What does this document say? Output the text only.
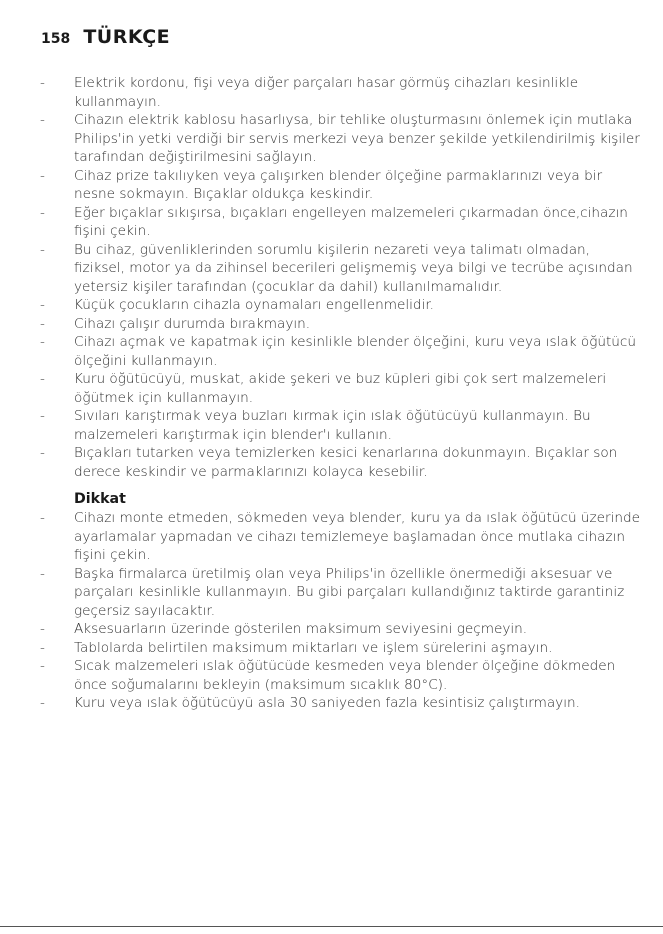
158 TÜRKÇE
- Elektrik kordonu, fişi veya diğer parçaları hasar görmüş cihazları kesinlikle kullanmayın.
- Cihazın elektrik kablosu hasarlıysa, bir tehlike oluşturmasını önlemek için mutlaka Philips'in yetki verdiği bir servis merkezi veya benzer şekilde yetkilendirilmiş kişiler tarafından değiştirilmesini sağlayın.
- Cihaz prize takılıyken veya çalışırken blender ölçeğine parmaklarınızı veya bir nesne sokmayın. Bıçaklar oldukça keskindir.
- Eğer bıçaklar sıkışırsa, bıçakları engelleyen malzemeleri çıkarmadan önce,cihazın fişini çekin.
- Bu cihaz, güvenliklerinden sorumlu kişilerin nezareti veya talimatı olmadan, fiziksel, motor ya da zihinsel becerileri gelişmemiş veya bilgi ve tecrübe açısından yetersiz kişiler tarafından (çocuklar da dahil) kullanılmamalıdır.
- Küçük çocukların cihazla oynamaları engellenmelidir.
- Cihazı çalışır durumda bırakmayın.
- Cihazı açmak ve kapatmak için kesinlikle blender ölçeğini, kuru veya ıslak öğütücü ölçeğini kullanmayın.
- Kuru öğütücüyü, muskat, akide şekeri ve buz küpleri gibi çok sert malzemeleri öğütmek için kullanmayın.
- Sıvıları karıştırmak veya buzları kırmak için ıslak öğütücüyü kullanmayın. Bu malzemeleri karıştırmak için blender'ı kullanın.
- Bıçakları tutarken veya temizlerken kesici kenarlarına dokunmayın. Bıçaklar son derece keskindir ve parmaklarınızı kolayca kesebilir.
Dikkat
- Cihazı monte etmeden, sökmeden veya blender, kuru ya da ıslak öğütücü üzerinde ayarlamalar yapmadan ve cihazı temizlemeye başlamadan önce mutlaka cihazın fişini çekin.
- Başka firmalarca üretilmiş olan veya Philips'in özellikle önermediği aksesuar ve parçaları kesinlikle kullanmayın. Bu gibi parçaları kullandığınız taktirde garantiniz geçersiz sayılacaktır.
- Aksesuarların üzerinde gösterilen maksimum seviyesini geçmeyin.
- Tablolarda belirtilen maksimum miktarları ve işlem sürelerini aşmayın.
- Sıcak malzemeleri ıslak öğütücüde kesmeden veya blender ölçeğine dökmeden önce soğumalarını bekleyin (maksimum sıcaklık 80°C).
- Kuru veya ıslak öğütücüyü asla 30 saniyeden fazla kesintisiz çalıştırmayın.
